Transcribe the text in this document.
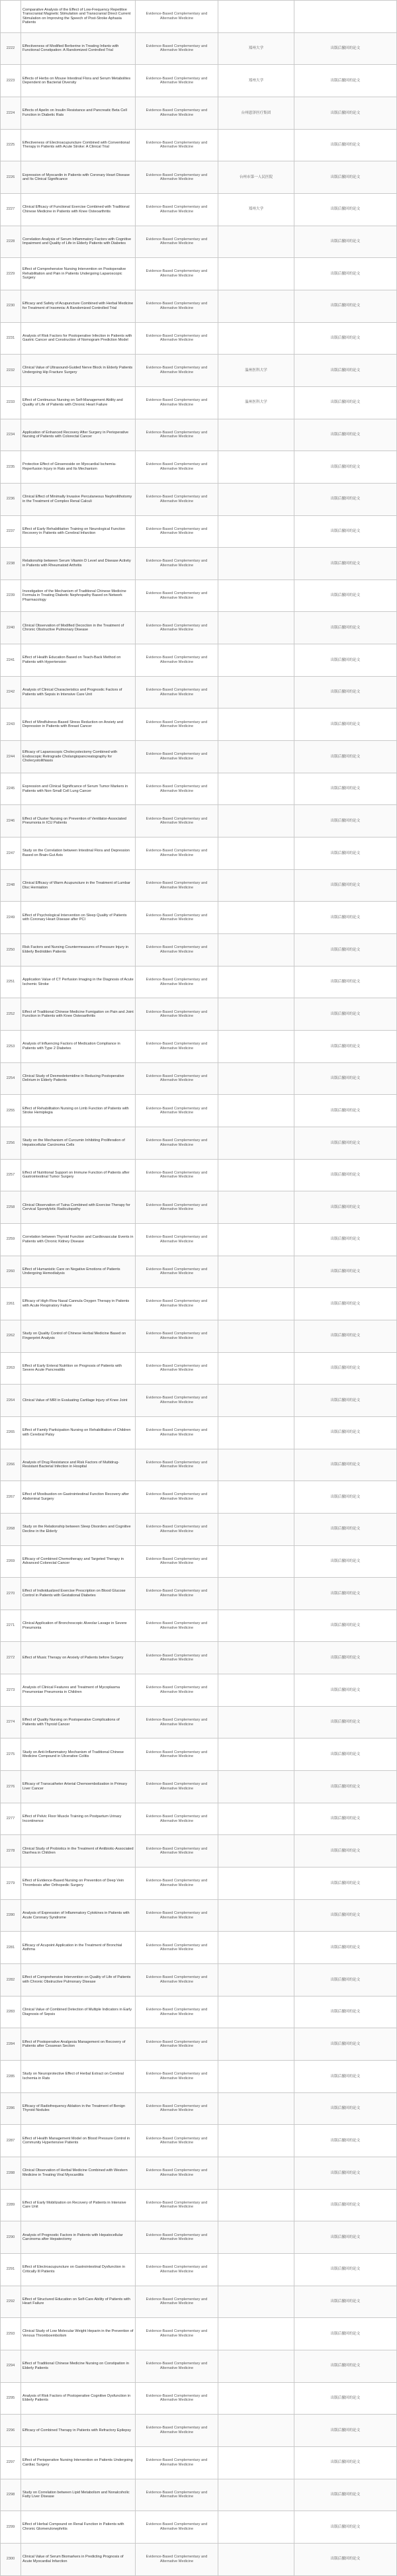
	Comparative Analysis of the Effect of Low-Frequency Repetitive Transcranial Magnetic Stimulation and Transcranial Direct Current Stimulation on Improving the Speech of Post-Stroke Aphasia Patients	Evidence-Based Complementary and Alternative Medicine		
2222	Effectiveness of Modified Berberine in Treating Infants with Functional Constipation: A Randomized Controlled Trial	Evidence-Based Complementary and Alternative Medicine	郑州大学	出版后撤回的论文
2223	Effects of Herbs on Mouse Intestinal Flora and Serum Metabolites Dependent on Bacterial Diversity	Evidence-Based Complementary and Alternative Medicine	郑州大学	出版后撤回的论文
2224	Effects of Apelin on Insulin Resistance and Pancreatic Beta Cell Function in Diabetic Rats	Evidence-Based Complementary and Alternative Medicine	台州恩泽医疗集团	出版后撤回的论文
2225	Effectiveness of Electroacupuncture Combined with Conventional Therapy in Patients with Acute Stroke: A Clinical Trial	Evidence-Based Complementary and Alternative Medicine		出版后撤回的论文
2226	Expression of Myocardin in Patients with Coronary Heart Disease and Its Clinical Significance	Evidence-Based Complementary and Alternative Medicine	台州市第一人民医院	出版后撤回的论文
2227	Clinical Efficacy of Functional Exercise Combined with Traditional Chinese Medicine in Patients with Knee Osteoarthritis	Evidence-Based Complementary and Alternative Medicine	郑州大学	出版后撤回的论文
2228	Correlation Analysis of Serum Inflammatory Factors with Cognitive Impairment and Quality of Life in Elderly Patients with Diabetes	Evidence-Based Complementary and Alternative Medicine		出版后撤回的论文
2229	Effect of Comprehensive Nursing Intervention on Postoperative Rehabilitation and Pain in Patients Undergoing Laparoscopic Surgery	Evidence-Based Complementary and Alternative Medicine		出版后撤回的论文
2230	Efficacy and Safety of Acupuncture Combined with Herbal Medicine for Treatment of Insomnia: A Randomized Controlled Trial	Evidence-Based Complementary and Alternative Medicine		出版后撤回的论文
2231	Analysis of Risk Factors for Postoperative Infection in Patients with Gastric Cancer and Construction of Nomogram Prediction Model	Evidence-Based Complementary and Alternative Medicine		出版后撤回的论文
2232	Clinical Value of Ultrasound-Guided Nerve Block in Elderly Patients Undergoing Hip Fracture Surgery	Evidence-Based Complementary and Alternative Medicine	温州医科大学	出版后撤回的论文
2233	Effect of Continuous Nursing on Self-Management Ability and Quality of Life of Patients with Chronic Heart Failure	Evidence-Based Complementary and Alternative Medicine	温州医科大学	出版后撤回的论文
2234	Application of Enhanced Recovery After Surgery in Perioperative Nursing of Patients with Colorectal Cancer	Evidence-Based Complementary and Alternative Medicine		出版后撤回的论文
2235	Protective Effect of Ginsenoside on Myocardial Ischemia-Reperfusion Injury in Rats and Its Mechanism	Evidence-Based Complementary and Alternative Medicine		出版后撤回的论文
2236	Clinical Effect of Minimally Invasive Percutaneous Nephrolithotomy in the Treatment of Complex Renal Calculi	Evidence-Based Complementary and Alternative Medicine		出版后撤回的论文
2237	Effect of Early Rehabilitation Training on Neurological Function Recovery in Patients with Cerebral Infarction	Evidence-Based Complementary and Alternative Medicine		出版后撤回的论文
2238	Relationship between Serum Vitamin D Level and Disease Activity in Patients with Rheumatoid Arthritis	Evidence-Based Complementary and Alternative Medicine		出版后撤回的论文
2239	Investigation of the Mechanism of Traditional Chinese Medicine Formula in Treating Diabetic Nephropathy Based on Network Pharmacology	Evidence-Based Complementary and Alternative Medicine		出版后撤回的论文
2240	Clinical Observation of Modified Decoction in the Treatment of Chronic Obstructive Pulmonary Disease	Evidence-Based Complementary and Alternative Medicine		出版后撤回的论文
2241	Effect of Health Education Based on Teach-Back Method on Patients with Hypertension	Evidence-Based Complementary and Alternative Medicine		出版后撤回的论文
2242	Analysis of Clinical Characteristics and Prognostic Factors of Patients with Sepsis in Intensive Care Unit	Evidence-Based Complementary and Alternative Medicine		出版后撤回的论文
2243	Effect of Mindfulness-Based Stress Reduction on Anxiety and Depression in Patients with Breast Cancer	Evidence-Based Complementary and Alternative Medicine		出版后撤回的论文
2244	Efficacy of Laparoscopic Cholecystectomy Combined with Endoscopic Retrograde Cholangiopancreatography for Cholecystolithiasis	Evidence-Based Complementary and Alternative Medicine		出版后撤回的论文
2245	Expression and Clinical Significance of Serum Tumor Markers in Patients with Non-Small Cell Lung Cancer	Evidence-Based Complementary and Alternative Medicine		出版后撤回的论文
2246	Effect of Cluster Nursing on Prevention of Ventilator-Associated Pneumonia in ICU Patients	Evidence-Based Complementary and Alternative Medicine		出版后撤回的论文
2247	Study on the Correlation between Intestinal Flora and Depression Based on Brain-Gut Axis	Evidence-Based Complementary and Alternative Medicine		出版后撤回的论文
2248	Clinical Efficacy of Warm Acupuncture in the Treatment of Lumbar Disc Herniation	Evidence-Based Complementary and Alternative Medicine		出版后撤回的论文
2249	Effect of Psychological Intervention on Sleep Quality of Patients with Coronary Heart Disease after PCI	Evidence-Based Complementary and Alternative Medicine		出版后撤回的论文
2250	Risk Factors and Nursing Countermeasures of Pressure Injury in Elderly Bedridden Patients	Evidence-Based Complementary and Alternative Medicine		出版后撤回的论文
2251	Application Value of CT Perfusion Imaging in the Diagnosis of Acute Ischemic Stroke	Evidence-Based Complementary and Alternative Medicine		出版后撤回的论文
2252	Effect of Traditional Chinese Medicine Fumigation on Pain and Joint Function in Patients with Knee Osteoarthritis	Evidence-Based Complementary and Alternative Medicine		出版后撤回的论文
2253	Analysis of Influencing Factors of Medication Compliance in Patients with Type 2 Diabetes	Evidence-Based Complementary and Alternative Medicine		出版后撤回的论文
2254	Clinical Study of Dexmedetomidine in Reducing Postoperative Delirium in Elderly Patients	Evidence-Based Complementary and Alternative Medicine		出版后撤回的论文
2255	Effect of Rehabilitation Nursing on Limb Function of Patients with Stroke Hemiplegia	Evidence-Based Complementary and Alternative Medicine		出版后撤回的论文
2256	Study on the Mechanism of Curcumin Inhibiting Proliferation of Hepatocellular Carcinoma Cells	Evidence-Based Complementary and Alternative Medicine		出版后撤回的论文
2257	Effect of Nutritional Support on Immune Function of Patients after Gastrointestinal Tumor Surgery	Evidence-Based Complementary and Alternative Medicine		出版后撤回的论文
2258	Clinical Observation of Tuina Combined with Exercise Therapy for Cervical Spondylotic Radiculopathy	Evidence-Based Complementary and Alternative Medicine		出版后撤回的论文
2259	Correlation between Thyroid Function and Cardiovascular Events in Patients with Chronic Kidney Disease	Evidence-Based Complementary and Alternative Medicine		出版后撤回的论文
2260	Effect of Humanistic Care on Negative Emotions of Patients Undergoing Hemodialysis	Evidence-Based Complementary and Alternative Medicine		出版后撤回的论文
2261	Efficacy of High-Flow Nasal Cannula Oxygen Therapy in Patients with Acute Respiratory Failure	Evidence-Based Complementary and Alternative Medicine		出版后撤回的论文
2262	Study on Quality Control of Chinese Herbal Medicine Based on Fingerprint Analysis	Evidence-Based Complementary and Alternative Medicine		出版后撤回的论文
2263	Effect of Early Enteral Nutrition on Prognosis of Patients with Severe Acute Pancreatitis	Evidence-Based Complementary and Alternative Medicine		出版后撤回的论文
2264	Clinical Value of MRI in Evaluating Cartilage Injury of Knee Joint	Evidence-Based Complementary and Alternative Medicine		出版后撤回的论文
2265	Effect of Family Participation Nursing on Rehabilitation of Children with Cerebral Palsy	Evidence-Based Complementary and Alternative Medicine		出版后撤回的论文
2266	Analysis of Drug Resistance and Risk Factors of Multidrug-Resistant Bacterial Infection in Hospital	Evidence-Based Complementary and Alternative Medicine		出版后撤回的论文
2267	Effect of Moxibustion on Gastrointestinal Function Recovery after Abdominal Surgery	Evidence-Based Complementary and Alternative Medicine		出版后撤回的论文
2268	Study on the Relationship between Sleep Disorders and Cognitive Decline in the Elderly	Evidence-Based Complementary and Alternative Medicine		出版后撤回的论文
2269	Efficacy of Combined Chemotherapy and Targeted Therapy in Advanced Colorectal Cancer	Evidence-Based Complementary and Alternative Medicine		出版后撤回的论文
2270	Effect of Individualized Exercise Prescription on Blood Glucose Control in Patients with Gestational Diabetes	Evidence-Based Complementary and Alternative Medicine		出版后撤回的论文
2271	Clinical Application of Bronchoscopic Alveolar Lavage in Severe Pneumonia	Evidence-Based Complementary and Alternative Medicine		出版后撤回的论文
2272	Effect of Music Therapy on Anxiety of Patients before Surgery	Evidence-Based Complementary and Alternative Medicine		出版后撤回的论文
2273	Analysis of Clinical Features and Treatment of Mycoplasma Pneumoniae Pneumonia in Children	Evidence-Based Complementary and Alternative Medicine		出版后撤回的论文
2274	Effect of Quality Nursing on Postoperative Complications of Patients with Thyroid Cancer	Evidence-Based Complementary and Alternative Medicine		出版后撤回的论文
2275	Study on Anti-Inflammatory Mechanism of Traditional Chinese Medicine Compound in Ulcerative Colitis	Evidence-Based Complementary and Alternative Medicine		出版后撤回的论文
2276	Efficacy of Transcatheter Arterial Chemoembolization in Primary Liver Cancer	Evidence-Based Complementary and Alternative Medicine		出版后撤回的论文
2277	Effect of Pelvic Floor Muscle Training on Postpartum Urinary Incontinence	Evidence-Based Complementary and Alternative Medicine		出版后撤回的论文
2278	Clinical Study of Probiotics in the Treatment of Antibiotic-Associated Diarrhea in Children	Evidence-Based Complementary and Alternative Medicine		出版后撤回的论文
2279	Effect of Evidence-Based Nursing on Prevention of Deep Vein Thrombosis after Orthopedic Surgery	Evidence-Based Complementary and Alternative Medicine		出版后撤回的论文
2280	Analysis of Expression of Inflammatory Cytokines in Patients with Acute Coronary Syndrome	Evidence-Based Complementary and Alternative Medicine		出版后撤回的论文
2281	Efficacy of Acupoint Application in the Treatment of Bronchial Asthma	Evidence-Based Complementary and Alternative Medicine		出版后撤回的论文
2282	Effect of Comprehensive Intervention on Quality of Life of Patients with Chronic Obstructive Pulmonary Disease	Evidence-Based Complementary and Alternative Medicine		出版后撤回的论文
2283	Clinical Value of Combined Detection of Multiple Indicators in Early Diagnosis of Sepsis	Evidence-Based Complementary and Alternative Medicine		出版后撤回的论文
2284	Effect of Postoperative Analgesia Management on Recovery of Patients after Cesarean Section	Evidence-Based Complementary and Alternative Medicine		出版后撤回的论文
2285	Study on Neuroprotective Effect of Herbal Extract on Cerebral Ischemia in Rats	Evidence-Based Complementary and Alternative Medicine		出版后撤回的论文
2286	Efficacy of Radiofrequency Ablation in the Treatment of Benign Thyroid Nodules	Evidence-Based Complementary and Alternative Medicine		出版后撤回的论文
2287	Effect of Health Management Model on Blood Pressure Control in Community Hypertensive Patients	Evidence-Based Complementary and Alternative Medicine		出版后撤回的论文
2288	Clinical Observation of Herbal Medicine Combined with Western Medicine in Treating Viral Myocarditis	Evidence-Based Complementary and Alternative Medicine		出版后撤回的论文
2289	Effect of Early Mobilization on Recovery of Patients in Intensive Care Unit	Evidence-Based Complementary and Alternative Medicine		出版后撤回的论文
2290	Analysis of Prognostic Factors in Patients with Hepatocellular Carcinoma after Hepatectomy	Evidence-Based Complementary and Alternative Medicine		出版后撤回的论文
2291	Effect of Electroacupuncture on Gastrointestinal Dysfunction in Critically Ill Patients	Evidence-Based Complementary and Alternative Medicine		出版后撤回的论文
2292	Effect of Structured Education on Self-Care Ability of Patients with Heart Failure	Evidence-Based Complementary and Alternative Medicine		出版后撤回的论文
2293	Clinical Study of Low Molecular Weight Heparin in the Prevention of Venous Thromboembolism	Evidence-Based Complementary and Alternative Medicine		出版后撤回的论文
2294	Effect of Traditional Chinese Medicine Nursing on Constipation in Elderly Patients	Evidence-Based Complementary and Alternative Medicine		出版后撤回的论文
2295	Analysis of Risk Factors of Postoperative Cognitive Dysfunction in Elderly Patients	Evidence-Based Complementary and Alternative Medicine		出版后撤回的论文
2296	Efficacy of Combined Therapy in Patients with Refractory Epilepsy	Evidence-Based Complementary and Alternative Medicine		出版后撤回的论文
2297	Effect of Perioperative Nursing Intervention on Patients Undergoing Cardiac Surgery	Evidence-Based Complementary and Alternative Medicine		出版后撤回的论文
2298	Study on Correlation between Lipid Metabolism and Nonalcoholic Fatty Liver Disease	Evidence-Based Complementary and Alternative Medicine		出版后撤回的论文
2299	Effect of Herbal Compound on Renal Function in Patients with Chronic Glomerulonephritis	Evidence-Based Complementary and Alternative Medicine		出版后撤回的论文
2300	Clinical Value of Serum Biomarkers in Predicting Prognosis of Acute Myocardial Infarction	Evidence-Based Complementary and Alternative Medicine		出版后撤回的论文
